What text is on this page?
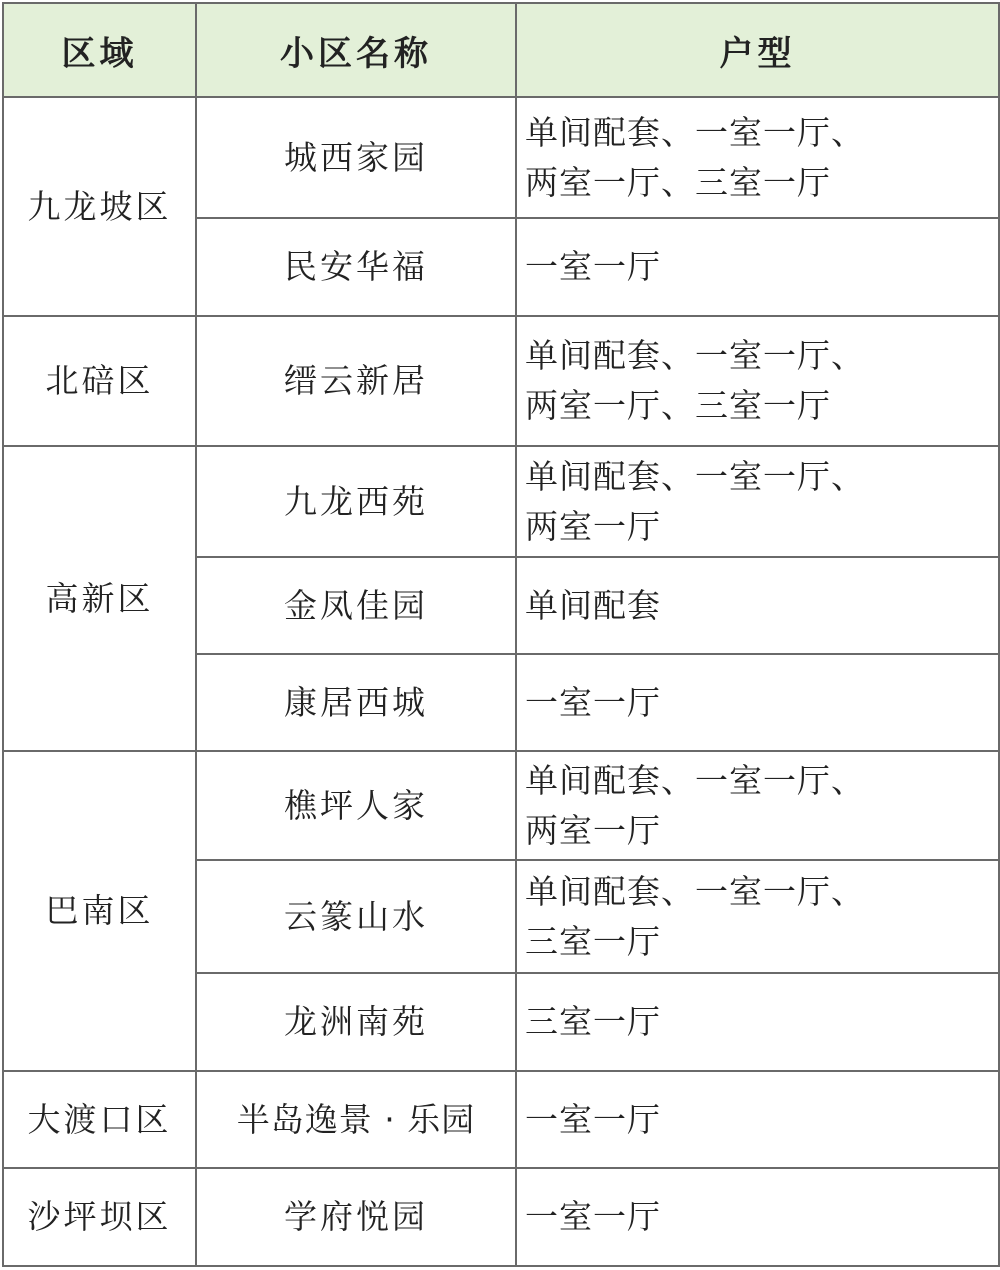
区域	小区名称	户型
九龙坡区	城西家园	单间配套、一室一厅、
两室一厅、三室一厅

	民安华福	一室一厅

北碚区	缙云新居	单间配套、一室一厅、
两室一厅、三室一厅

高新区	九龙西苑	单间配套、一室一厅、
两室一厅

	金凤佳园	单间配套

	康居西城	一室一厅

巴南区	樵坪人家	单间配套、一室一厅、
两室一厅

	云篆山水	单间配套、一室一厅、
三室一厅

	龙洲南苑	三室一厅

大渡口区	半岛逸景 · 乐园	一室一厅

沙坪坝区	学府悦园	一室一厅
